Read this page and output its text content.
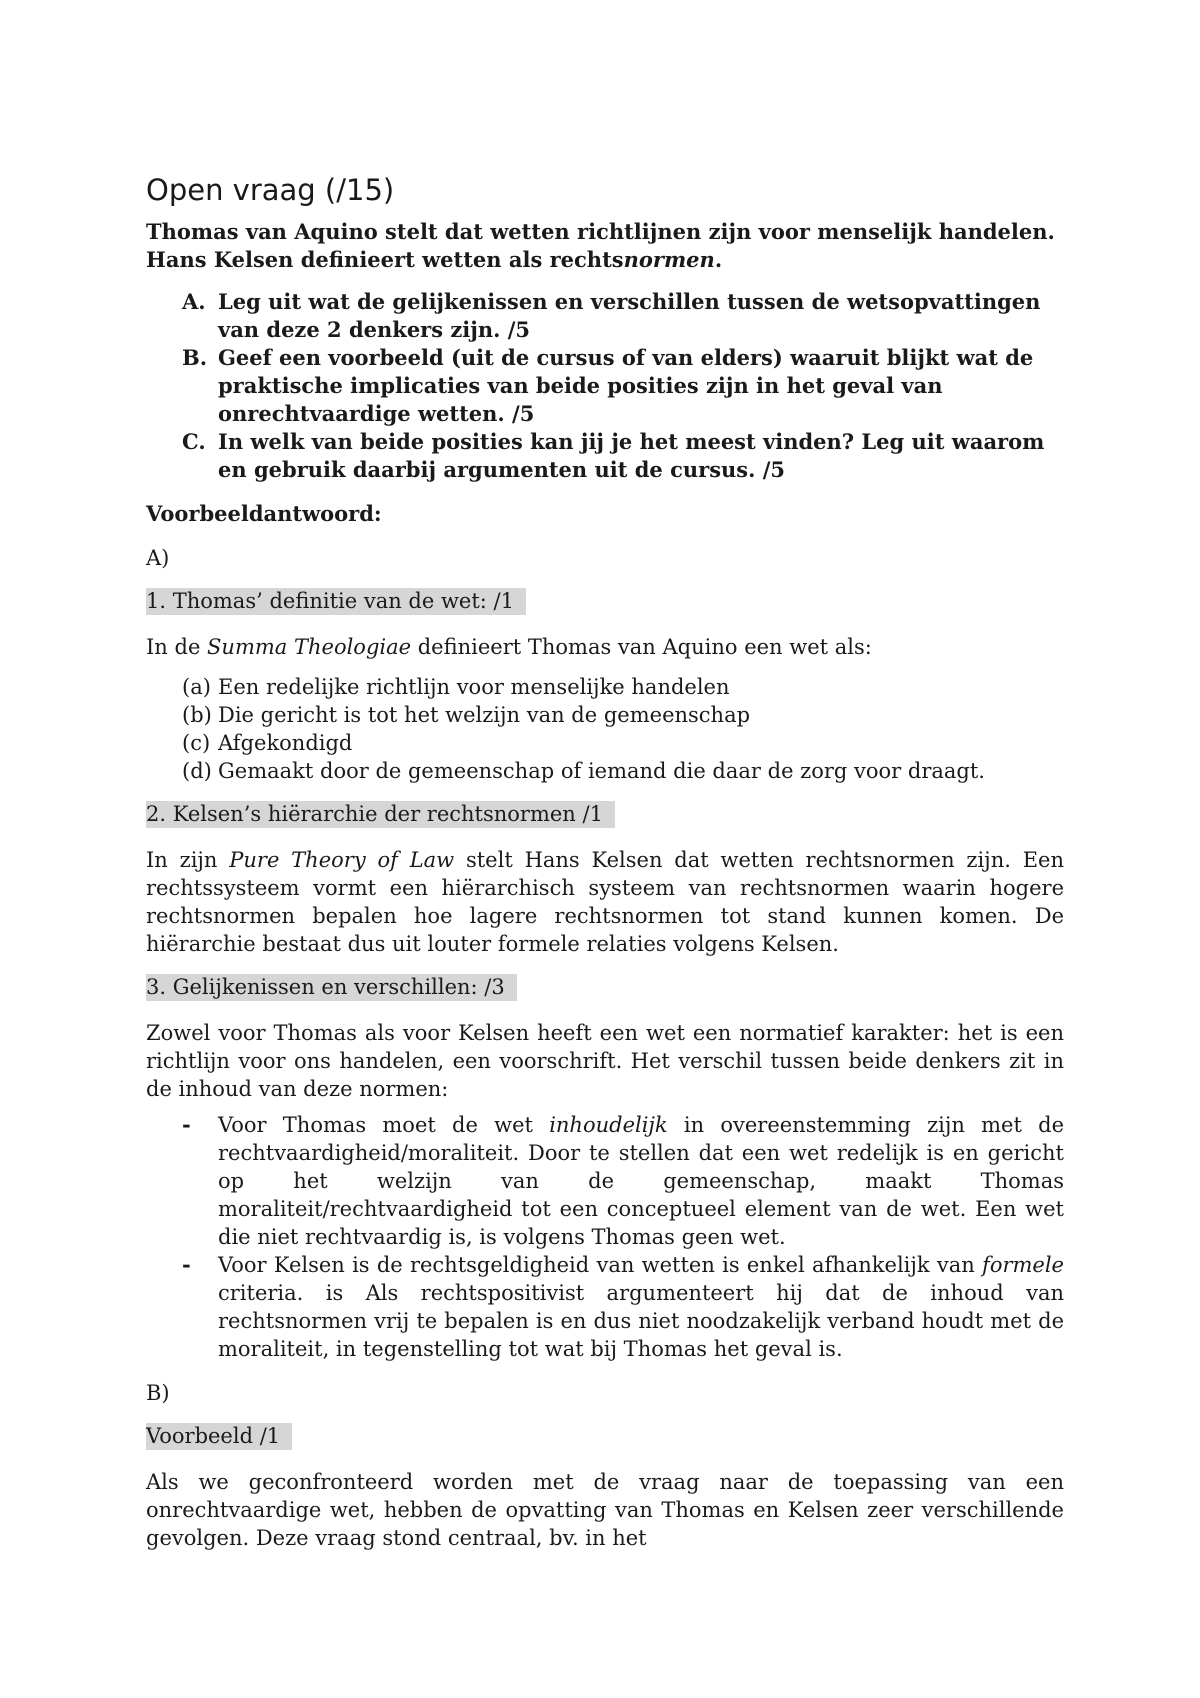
Open vraag (/15)

Thomas van Aquino stelt dat wetten richtlijnen zijn voor menselijk handelen. Hans Kelsen definieert wetten als rechtsnormen.

A. Leg uit wat de gelijkenissen en verschillen tussen de wetsopvattingen van deze 2 denkers zijn. /5
B. Geef een voorbeeld (uit de cursus of van elders) waaruit blijkt wat de praktische implicaties van beide posities zijn in het geval van onrechtvaardige wetten. /5
C. In welk van beide posities kan jij je het meest vinden? Leg uit waarom en gebruik daarbij argumenten uit de cursus. /5

Voorbeeldantwoord:

A)

1. Thomas’ definitie van de wet: /1

In de Summa Theologiae definieert Thomas van Aquino een wet als:

(a) Een redelijke richtlijn voor menselijke handelen
(b) Die gericht is tot het welzijn van de gemeenschap
(c) Afgekondigd
(d) Gemaakt door de gemeenschap of iemand die daar de zorg voor draagt.
2. Kelsen’s hiërarchie der rechtsnormen /1

In zijn Pure Theory of Law stelt Hans Kelsen dat wetten rechtsnormen zijn. Een rechtssysteem vormt een hiërarchisch systeem van rechtsnormen waarin hogere rechtsnormen bepalen hoe lagere rechtsnormen tot stand kunnen komen. De hiërarchie bestaat dus uit louter formele relaties volgens Kelsen.

3. Gelijkenissen en verschillen: /3

Zowel voor Thomas als voor Kelsen heeft een wet een normatief karakter: het is een richtlijn voor ons handelen, een voorschrift. Het verschil tussen beide denkers zit in de inhoud van deze normen:

- Voor Thomas moet de wet inhoudelijk in overeenstemming zijn met de rechtvaardigheid/moraliteit. Door te stellen dat een wet redelijk is en gericht op het welzijn van de gemeenschap, maakt Thomas moraliteit/rechtvaardigheid tot een conceptueel element van de wet. Een wet die niet rechtvaardig is, is volgens Thomas geen wet.
- Voor Kelsen is de rechtsgeldigheid van wetten is enkel afhankelijk van formele criteria. is Als rechtspositivist argumenteert hij dat de inhoud van rechtsnormen vrij te bepalen is en dus niet noodzakelijk verband houdt met de moraliteit, in tegenstelling tot wat bij Thomas het geval is.

B)

Voorbeeld /1

Als we geconfronteerd worden met de vraag naar de toepassing van een onrechtvaardige wet, hebben de opvatting van Thomas en Kelsen zeer verschillende gevolgen. Deze vraag stond centraal, bv. in het
